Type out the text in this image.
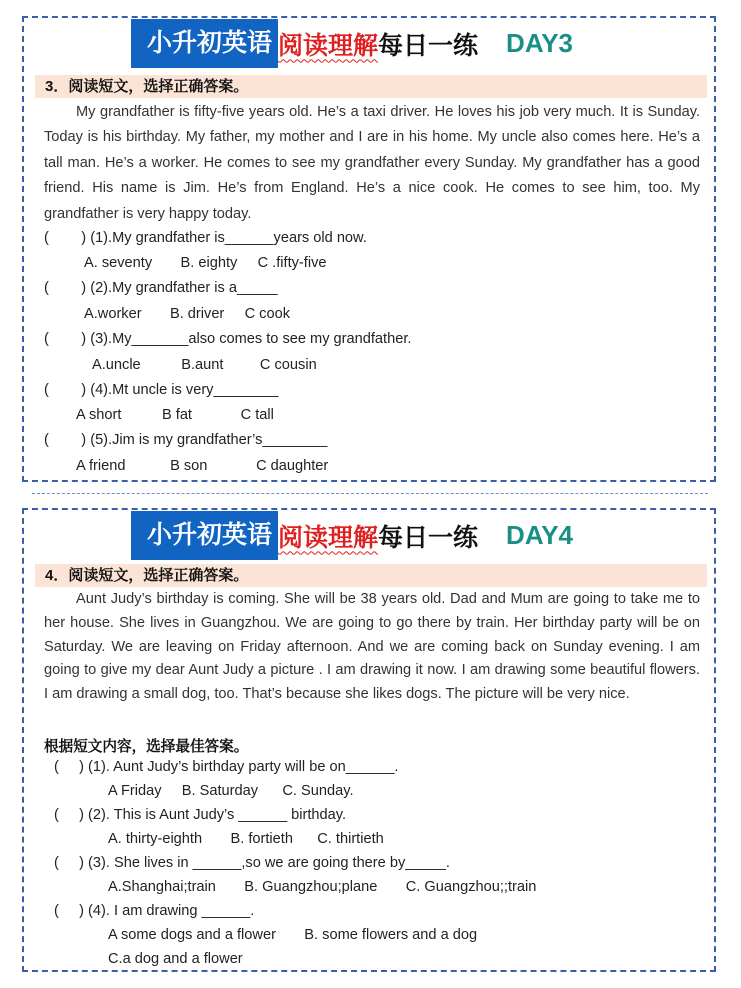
小升初英语 阅读理解 每日一练 DAY3
3．阅读短文，选择正确答案。
My grandfather is fifty-five years old. He’s a taxi driver. He loves his job very much. It is Sunday. Today is his birthday. My father, my mother and I are in his home. My uncle also comes here. He’s a tall man. He’s a worker. He comes to see my grandfather every Sunday. My grandfather has a good friend. His name is Jim. He’s from England. He’s a nice cook. He comes to see him, too. My grandfather is very happy today.
(        ) (1).My grandfather is______years old now.
A. seventy       B. eighty     C .fifty-five
(        ) (2).My grandfather is a_____
A.worker       B. driver     C cook
(        ) (3).My_______also comes to see my grandfather.
A.uncle          B.aunt         C cousin
(        ) (4).Mt uncle is very________
A short          B fat            C tall
(        ) (5).Jim is my grandfather’s________
A friend           B son            C daughter
小升初英语 阅读理解 每日一练 DAY4
4．阅读短文，选择正确答案。
Aunt Judy’s birthday is coming. She will be 38 years old. Dad and Mum are going to take me to her house. She lives in Guangzhou. We are going to go there by train. Her birthday party will be on Saturday. We are leaving on Friday afternoon. And we are coming back on Sunday evening. I am going to give my dear Aunt Judy a picture . I am drawing it now. I am drawing some beautiful flowers. I am drawing a small dog, too. That’s because she likes dogs. The picture will be very nice.
根据短文内容，选择最佳答案。
(     ) (1). Aunt Judy’s birthday party will be on______.
A Friday     B. Saturday      C. Sunday.
(     ) (2). This is Aunt Judy’s ______ birthday.
A. thirty-eighth       B. fortieth      C. thirtieth
(     ) (3). She lives in ______,so we are going there by_____.
A.Shanghai;train       B. Guangzhou;plane       C. Guangzhou;;train
(     ) (4). I am drawing ______.
A some dogs and a flower       B. some flowers and a dog
C.a dog and a flower
